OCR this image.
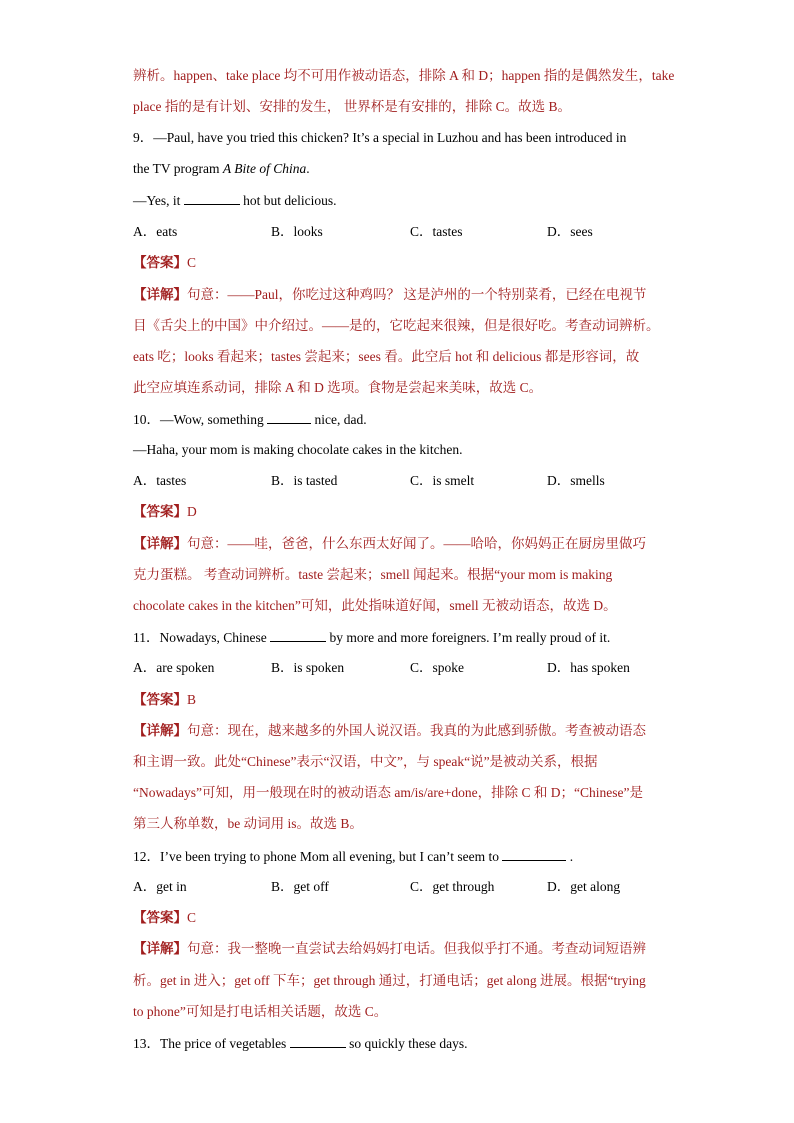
辨析。happen、take place 均不可用作被动语态，排除 A 和 D；happen 指的是偶然发生，take
place 指的是有计划、安排的发生， 世界杯是有安排的，排除 C。故选 B。
9．—Paul, have you tried this chicken? It’s a special in Luzhou and has been introduced in
the TV program A Bite of China.
—Yes, it	hot but delicious.
A．eats	B．looks	C．tastes	D．sees
【答案】C
【详解】句意：——Paul，你吃过这种鸡吗？ 这是泸州的一个特别菜肴，已经在电视节
目《舌尖上的中国》中介绍过。——是的，它吃起来很辣，但是很好吃。考查动词辨析。
eats 吃；looks 看起来；tastes 尝起来；sees 看。此空后 hot 和 delicious 都是形容词，故
此空应填连系动词，排除 A 和 D 选项。食物是尝起来美味，故选 C。
10．—Wow, something	nice, dad.
—Haha, your mom is making chocolate cakes in the kitchen.
A．tastes	B．is tasted	C．is smelt	D．smells
【答案】D
【详解】句意：——哇，爸爸，什么东西太好闻了。——哈哈，你妈妈正在厨房里做巧
克力蛋糕。 考查动词辨析。taste 尝起来；smell 闻起来。根据“your mom is making
chocolate cakes in the kitchen”可知，此处指味道好闻，smell 无被动语态，故选 D。
11．Nowadays, Chinese	by more and more foreigners. I’m really proud of it.
A．are spoken	B．is spoken	C．spoke	D．has spoken
【答案】B
【详解】句意：现在，越来越多的外国人说汉语。我真的为此感到骄傲。考查被动语态
和主谓一致。此处“Chinese”表示“汉语，中文”，与 speak“说”是被动关系，根据
“Nowadays”可知，用一般现在时的被动语态 am/is/are+done，排除 C 和 D；“Chinese”是
第三人称单数，be 动词用 is。故选 B。
12．I’ve been trying to phone Mom all evening, but I can’t seem to	.
A．get in	B．get off	C．get through	D．get along
【答案】C
【详解】句意：我一整晚一直尝试去给妈妈打电话。但我似乎打不通。考查动词短语辨
析。get in 进入；get off 下车；get through 通过，打通电话；get along 进展。根据“trying
to phone”可知是打电话相关话题，故选 C。
13．The price of vegetables	so quickly these days.
